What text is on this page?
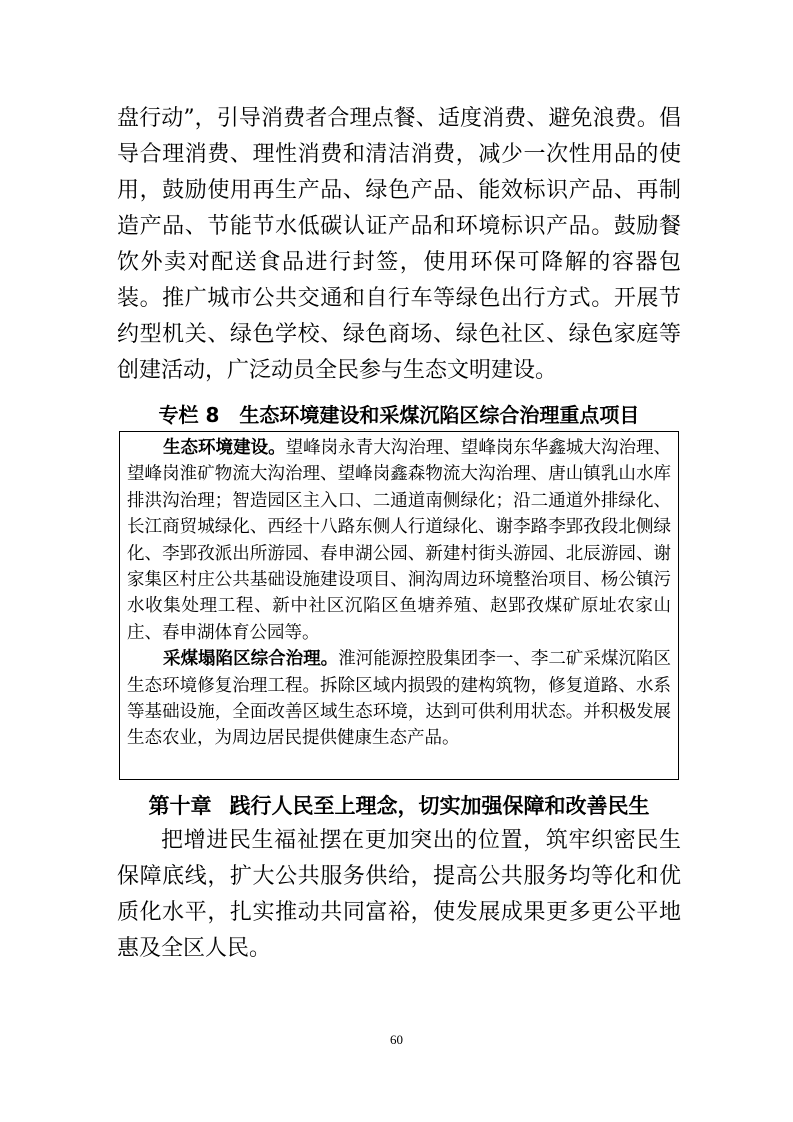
盘行动”，引导消费者合理点餐、适度消费、避免浪费。倡导合理消费、理性消费和清洁消费，减少一次性用品的使用，鼓励使用再生产品、绿色产品、能效标识产品、再制造产品、节能节水低碳认证产品和环境标识产品。鼓励餐饮外卖对配送食品进行封签，使用环保可降解的容器包装。推广城市公共交通和自行车等绿色出行方式。开展节约型机关、绿色学校、绿色商场、绿色社区、绿色家庭等创建活动，广泛动员全民参与生态文明建设。

专栏 8　生态环境建设和采煤沉陷区综合治理重点项目

生态环境建设。望峰岗永青大沟治理、望峰岗东华鑫城大沟治理、望峰岗淮矿物流大沟治理、望峰岗鑫森物流大沟治理、唐山镇乳山水库排洪沟治理；智造园区主入口、二通道南侧绿化；沿二通道外排绿化、长江商贸城绿化、西经十八路东侧人行道绿化、谢李路李郢孜段北侧绿化、李郢孜派出所游园、春申湖公园、新建村街头游园、北辰游园、谢家集区村庄公共基础设施建设项目、涧沟周边环境整治项目、杨公镇污水收集处理工程、新中社区沉陷区鱼塘养殖、赵郢孜煤矿原址农家山庄、春申湖体育公园等。

采煤塌陷区综合治理。淮河能源控股集团李一、李二矿采煤沉陷区生态环境修复治理工程。拆除区域内损毁的建构筑物，修复道路、水系等基础设施，全面改善区域生态环境，达到可供利用状态。并积极发展生态农业，为周边居民提供健康生态产品。

第十章 践行人民至上理念，切实加强保障和改善民生

把增进民生福祉摆在更加突出的位置，筑牢织密民生保障底线，扩大公共服务供给，提高公共服务均等化和优质化水平，扎实推动共同富裕，使发展成果更多更公平地惠及全区人民。

60
